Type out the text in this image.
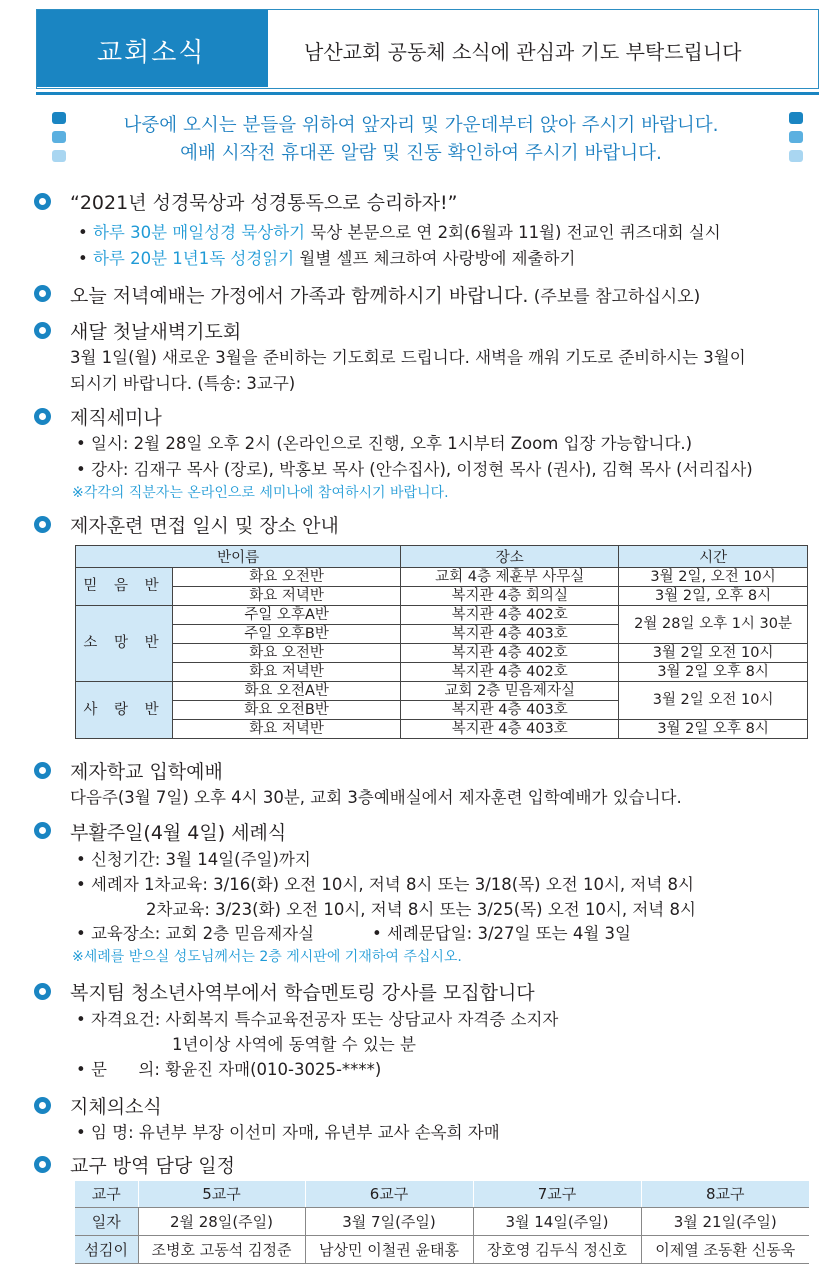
교회소식	남산교회 공동체 소식에 관심과 기도 부탁드립니다
나중에 오시는 분들을 위하여 앞자리 및 가운데부터 앉아 주시기 바랍니다.
예배 시작전 휴대폰 알람 및 진동 확인하여 주시기 바랍니다.
“2021년 성경묵상과 성경통독으로 승리하자!”
• 하루 30분 매일성경 묵상하기 묵상 본문으로 연 2회(6월과 11월) 전교인 퀴즈대회 실시
• 하루 20분 1년1독 성경읽기 월별 셀프 체크하여 사랑방에 제출하기
오늘 저녁예배는 가정에서 가족과 함께하시기 바랍니다. (주보를 참고하십시오)
새달 첫날새벽기도회
3월 1일(월) 새로운 3월을 준비하는 기도회로 드립니다. 새벽을 깨워 기도로 준비하시는 3월이
되시기 바랍니다. (특송: 3교구)
제직세미나
• 일시: 2월 28일 오후 2시 (온라인으로 진행, 오후 1시부터 Zoom 입장 가능합니다.)
• 강사: 김재구 목사 (장로), 박홍보 목사 (안수집사), 이정현 목사 (권사), 김혁 목사 (서리집사)
※각각의 직분자는 온라인으로 세미나에 참여하시기 바랍니다.
제자훈련 면접 일시 및 장소 안내
반이름		장소	시간
믿 음 반	화요 오전반	교회 4층 제훈부 사무실	3월 2일, 오전 10시
	화요 저녁반	복지관 4층 회의실	3월 2일, 오후 8시
소 망 반	주일 오후A반	복지관 4층 402호	2월 28일 오후 1시 30분
	주일 오후B반	복지관 4층 403호	
	화요 오전반	복지관 4층 402호	3월 2일 오전 10시
	화요 저녁반	복지관 4층 402호	3월 2일 오후 8시
사 랑 반	화요 오전A반	교회 2층 믿음제자실	3월 2일 오전 10시
	화요 오전B반	복지관 4층 403호	
	화요 저녁반	복지관 4층 403호	3월 2일 오후 8시
제자학교 입학예배
다음주(3월 7일) 오후 4시 30분, 교회 3층예배실에서 제자훈련 입학예배가 있습니다.
부활주일(4월 4일) 세례식
• 신청기간: 3월 14일(주일)까지
• 세례자 1차교육: 3/16(화) 오전 10시, 저녁 8시 또는 3/18(목) 오전 10시, 저녁 8시
2차교육: 3/23(화) 오전 10시, 저녁 8시 또는 3/25(목) 오전 10시, 저녁 8시
• 교육장소: 교회 2층 믿음제자실	• 세례문답일: 3/27일 또는 4월 3일
※세례를 받으실 성도님께서는 2층 게시판에 기재하여 주십시오.
복지팀 청소년사역부에서 학습멘토링 강사를 모집합니다
• 자격요건: 사회복지 특수교육전공자 또는 상담교사 자격증 소지자
1년이상 사역에 동역할 수 있는 분
• 문      의: 황윤진 자매(010-3025-****)
지체의소식
• 임 명: 유년부 부장 이선미 자매, 유년부 교사 손옥희 자매
교구 방역 담당 일정
교구	5교구	6교구	7교구	8교구
일자	2월 28일(주일)	3월 7일(주일)	3월 14일(주일)	3월 21일(주일)
섬김이	조병호 고동석 김정준	남상민 이철권 윤태홍	장호영 김두식 정신호	이제열 조동환 신동욱
